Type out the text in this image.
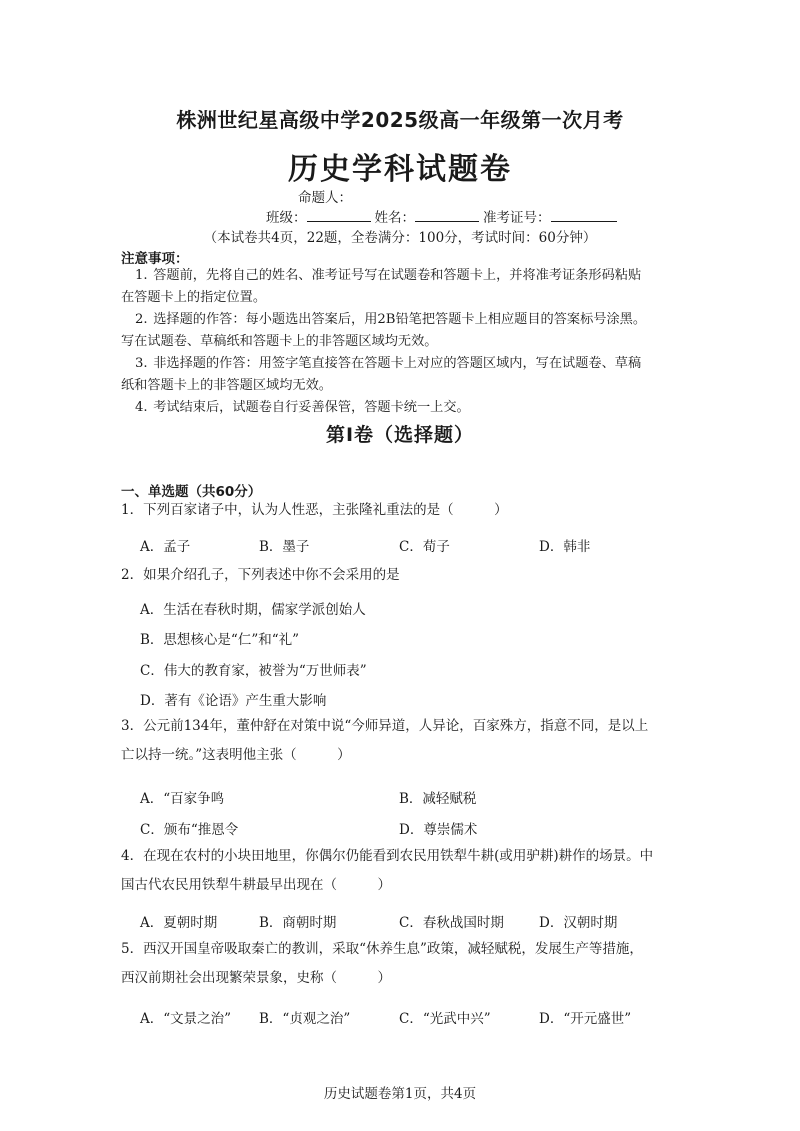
株洲世纪星高级中学2025级高一年级第一次月考
历史学科试题卷
命题人：
班级：	姓名：	准考证号：
（本试卷共4页，22题，全卷满分：100分，考试时间：60分钟）
注意事项：
1. 答题前，先将自己的姓名、准考证号写在试题卷和答题卡上，并将准考证条形码粘贴
在答题卡上的指定位置。
2. 选择题的作答：每小题选出答案后，用2B铅笔把答题卡上相应题目的答案标号涂黑。
写在试题卷、草稿纸和答题卡上的非答题区域均无效。
3. 非选择题的作答：用签字笔直接答在答题卡上对应的答题区域内，写在试题卷、草稿
纸和答题卡上的非答题区域均无效。
4. 考试结束后，试题卷自行妥善保管，答题卡统一上交。
第Ⅰ卷（选择题）
一、单选题（共60分）
1．下列百家诸子中，认为人性恶，主张隆礼重法的是（　　　）
A．孟子	B．墨子	C．荀子	D．韩非
2．如果介绍孔子，下列表述中你不会采用的是
A．生活在春秋时期，儒家学派创始人
B．思想核心是“仁”和“礼”
C．伟大的教育家，被誉为“万世师表”
D．著有《论语》产生重大影响
3．公元前134年，董仲舒在对策中说“今师异道，人异论，百家殊方，指意不同，是以上
亡以持一统。”这表明他主张（　　　）
A．“百家争鸣	B．减轻赋税
C．颁布“推恩令	D．尊崇儒术
4．在现在农村的小块田地里，你偶尔仍能看到农民用铁犁牛耕(或用驴耕)耕作的场景。中
国古代农民用铁犁牛耕最早出现在（　　　）
A．夏朝时期	B．商朝时期	C．春秋战国时期	D．汉朝时期
5．西汉开国皇帝吸取秦亡的教训，采取“休养生息”政策，减轻赋税，发展生产等措施，
西汉前期社会出现繁荣景象，史称（　　　）
A．“文景之治” B．“贞观之治”	C．“光武中兴”	D．“开元盛世”
历史试题卷第1页，共4页
